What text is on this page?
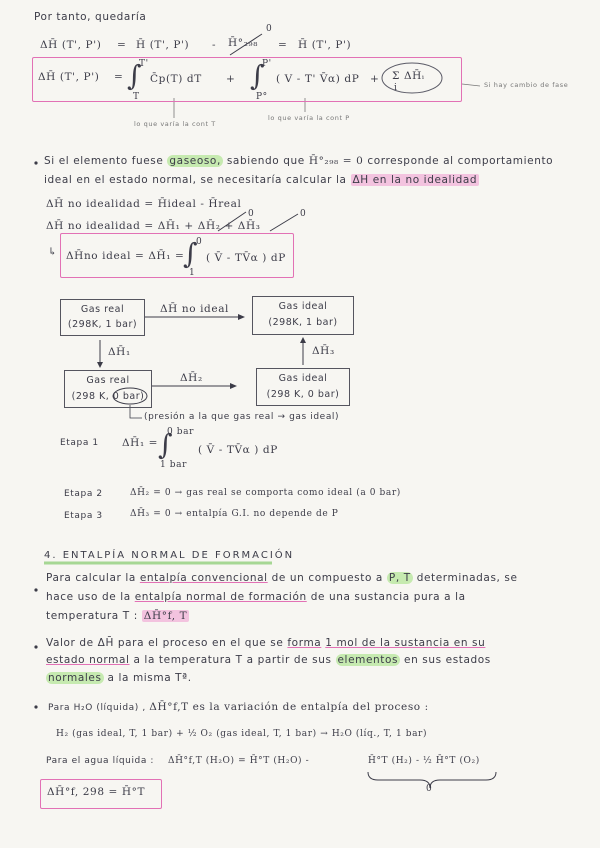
Por tanto, quedaría
ΔH̄ (T', P') = H̄ (T', P') - H̄°₂₉₈
0
= H̄ (T', P')
ΔH̄ (T', P') = ∫
T'
T
C̄p(T) dT + ∫
P'
P°
( V - T' V̄α) dP + Σ ΔH̄ᵢ
i	Si hay cambio de fase
lo que varía la cont T
lo que varía la cont P
Si el elemento fuese gaseoso, sabiendo que H̄°₂₉₈ = 0 corresponde al comportamiento
ideal en el estado normal, se necesitaría calcular la ΔH en la no idealidad
ΔH̄ no idealidad = H̄ideal - H̄real
ΔH̄ no idealidad = ΔH̄₁ + ΔH̄₂ + ΔH̄₃
0	0
↳ ΔH̄no ideal = ΔH̄₁ =
∫
0
1
( V̄ - TV̄α ) dP
Gas real
(298K, 1 bar)
Gas ideal
(298K, 1 bar)
Gas real
(298 K, 0 bar)
Gas ideal
(298 K, 0 bar)
ΔH̄ no ideal
ΔH̄₁	ΔH̄₃
ΔH̄₂
(presión a la que gas real → gas ideal)
Etapa 1 ΔH̄₁ = ∫
0 bar
1 bar
( V̄ - TV̄α ) dP
Etapa 2	ΔH̄₂ = 0 → gas real se comporta como ideal (a 0 bar)
Etapa 3	ΔH̄₃ = 0 → entalpía G.I. no depende de P
4. ENTALPÍA NORMAL DE FORMACIÓN
Para calcular la entalpía convencional de un compuesto a P, T determinadas, se
hace uso de la entalpía normal de formación de una sustancia pura a la
temperatura T : ΔH̄°f, T
Valor de ΔH̄ para el proceso en el que se forma 1 mol de la sustancia en su
estado normal a la temperatura T a partir de sus elementos en sus estados
normales a la misma Tª.
Para H₂O (líquida) , ΔH̄°f,T es la variación de entalpía del proceso :
H₂ (gas ideal, T, 1 bar) + ½ O₂ (gas ideal, T, 1 bar) → H₂O (líq., T, 1 bar)
Para el agua líquida : ΔH̄°f,T (H₂O) = H̄°T (H₂O) -	H̄°T (H₂) - ½ H̄°T (O₂)
0
ΔH̄°f, 298 = H̄°T
